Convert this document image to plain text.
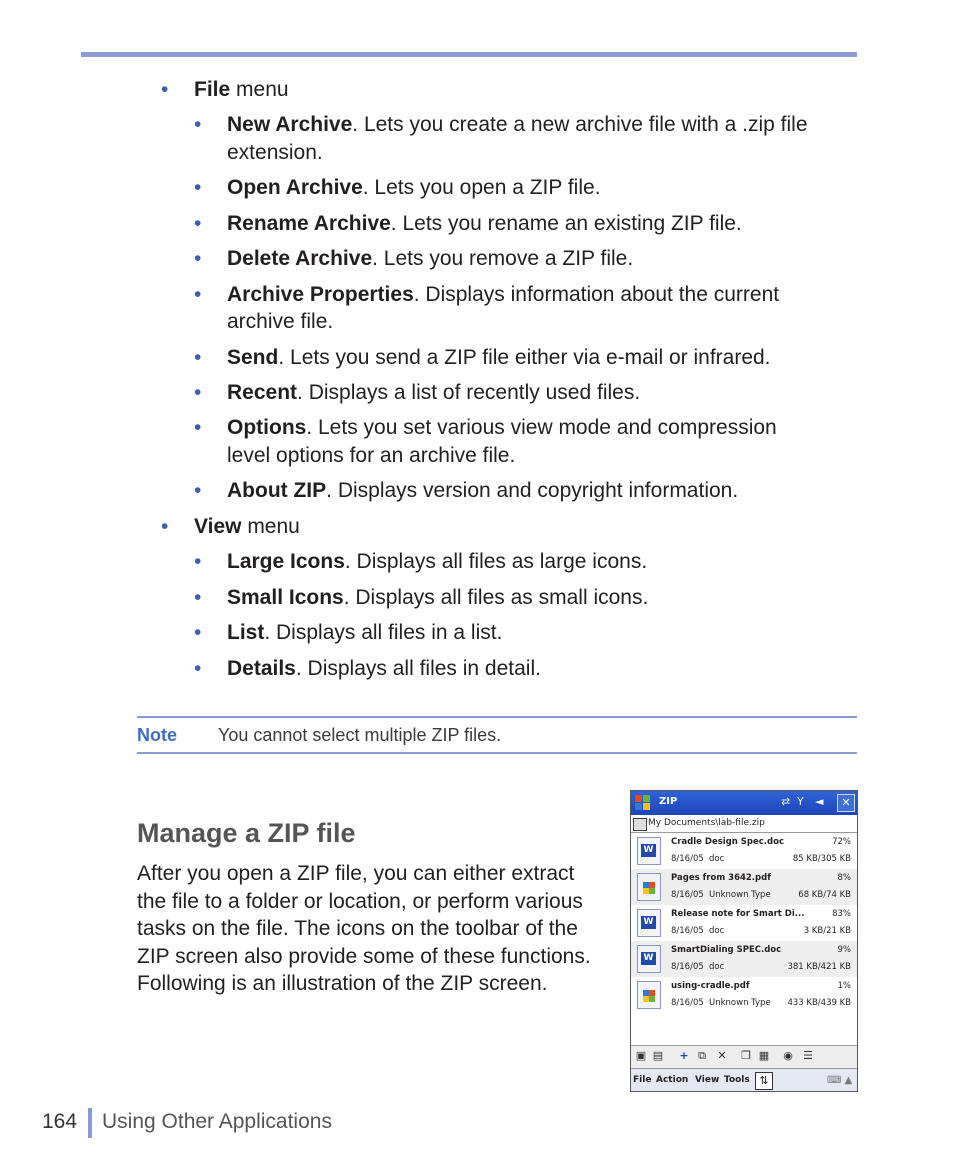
• File menu
• New Archive. Lets you create a new archive file with a .zip file
extension.
• Open Archive. Lets you open a ZIP file.
• Rename Archive. Lets you rename an existing ZIP file.
• Delete Archive. Lets you remove a ZIP file.
• Archive Properties. Displays information about the current
archive file.
• Send. Lets you send a ZIP file either via e-mail or infrared.
• Recent. Displays a list of recently used files.
• Options. Lets you set various view mode and compression
level options for an archive file.
• About ZIP. Displays version and copyright information.
• View menu
• Large Icons. Displays all files as large icons.
• Small Icons. Displays all files as small icons.
• List. Displays all files in a list.
• Details. Displays all files in detail.
Note You cannot select multiple ZIP files.
Manage a ZIP file
After you open a ZIP file, you can either extract the file to a folder or location, or perform various tasks on the file. The icons on the toolbar of the ZIP screen also provide some of these functions. Following is an illustration of the ZIP screen.
ZIP	⇄ Y ◄	✕
My Documents\lab-file.zip
W
Cradle Design Spec.doc	72%
8/16/05 doc	85 KB/305 KB
Pages from 3642.pdf	8%
8/16/05 Unknown Type	68 KB/74 KB
W
Release note for Smart Di...	83%
8/16/05 doc	3 KB/21 KB
W
SmartDialing SPEC.doc	9%
8/16/05 doc	381 KB/421 KB
using-cradle.pdf	1%
8/16/05 Unknown Type 433 KB/439 KB
▣ ▤ + ⧉ ✕ ❐ ▦ ◉ ☰
File Action View Tools ⇅	⌨ ▲
164 Using Other Applications
